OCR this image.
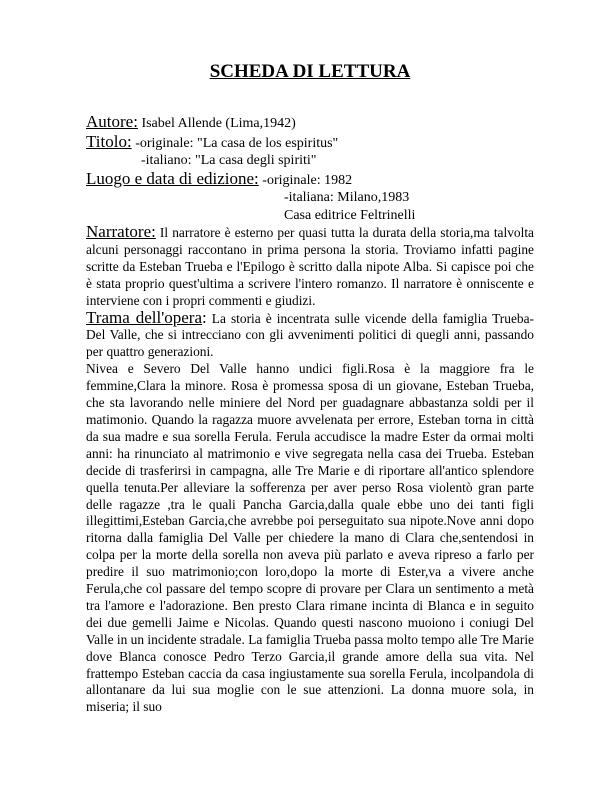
SCHEDA DI LETTURA
Autore: Isabel Allende (Lima,1942)
Titolo: -originale: "La casa de los espiritus"
-italiano: "La casa degli spiriti"
Luogo e data di edizione: -originale: 1982
-italiana: Milano,1983
Casa editrice Feltrinelli
Narratore: Il narratore è esterno per quasi tutta la durata della storia,ma talvolta alcuni personaggi raccontano in prima persona la storia. Troviamo infatti pagine scritte da Esteban Trueba e l'Epilogo è scritto dalla nipote Alba. Si capisce poi che è stata proprio quest'ultima a scrivere l'intero romanzo. Il narratore è onniscente e interviene con i propri commenti e giudizi.
Trama dell'opera: La storia è incentrata sulle vicende della famiglia Trueba-Del Valle, che si intrecciano con gli avvenimenti politici di quegli anni, passando per quattro generazioni.
Nivea e Severo Del Valle hanno undici figli.Rosa è la maggiore fra le femmine,Clara la minore. Rosa è promessa sposa di un giovane, Esteban Trueba, che sta lavorando nelle miniere del Nord per guadagnare abbastanza soldi per il matimonio. Quando la ragazza muore avvelenata per errore, Esteban torna in città da sua madre e sua sorella Ferula. Ferula accudisce la madre Ester da ormai molti anni: ha rinunciato al matrimonio e vive segregata nella casa dei Trueba. Esteban decide di trasferirsi in campagna, alle Tre Marie e di riportare all'antico splendore quella tenuta.Per alleviare la sofferenza per aver perso Rosa violentò gran parte delle ragazze ,tra le quali Pancha Garcia,dalla quale ebbe uno dei tanti figli illegittimi,Esteban Garcia,che avrebbe poi perseguitato sua nipote.Nove anni dopo ritorna dalla famiglia Del Valle per chiedere la mano di Clara che,sentendosi in colpa per la morte della sorella non aveva più parlato e aveva ripreso a farlo per predire il suo matrimonio;con loro,dopo la morte di Ester,va a vivere anche Ferula,che col passare del tempo scopre di provare per Clara un sentimento a metà tra l'amore e l'adorazione. Ben presto Clara rimane incinta di Blanca e in seguito dei due gemelli Jaime e Nicolas. Quando questi nascono muoiono i coniugi Del Valle in un incidente stradale. La famiglia Trueba passa molto tempo alle Tre Marie dove Blanca conosce Pedro Terzo Garcia,il grande amore della sua vita. Nel frattempo Esteban caccia da casa ingiustamente sua sorella Ferula, incolpandola di allontanare da lui sua moglie con le sue attenzioni. La donna muore sola, in miseria; il suo
